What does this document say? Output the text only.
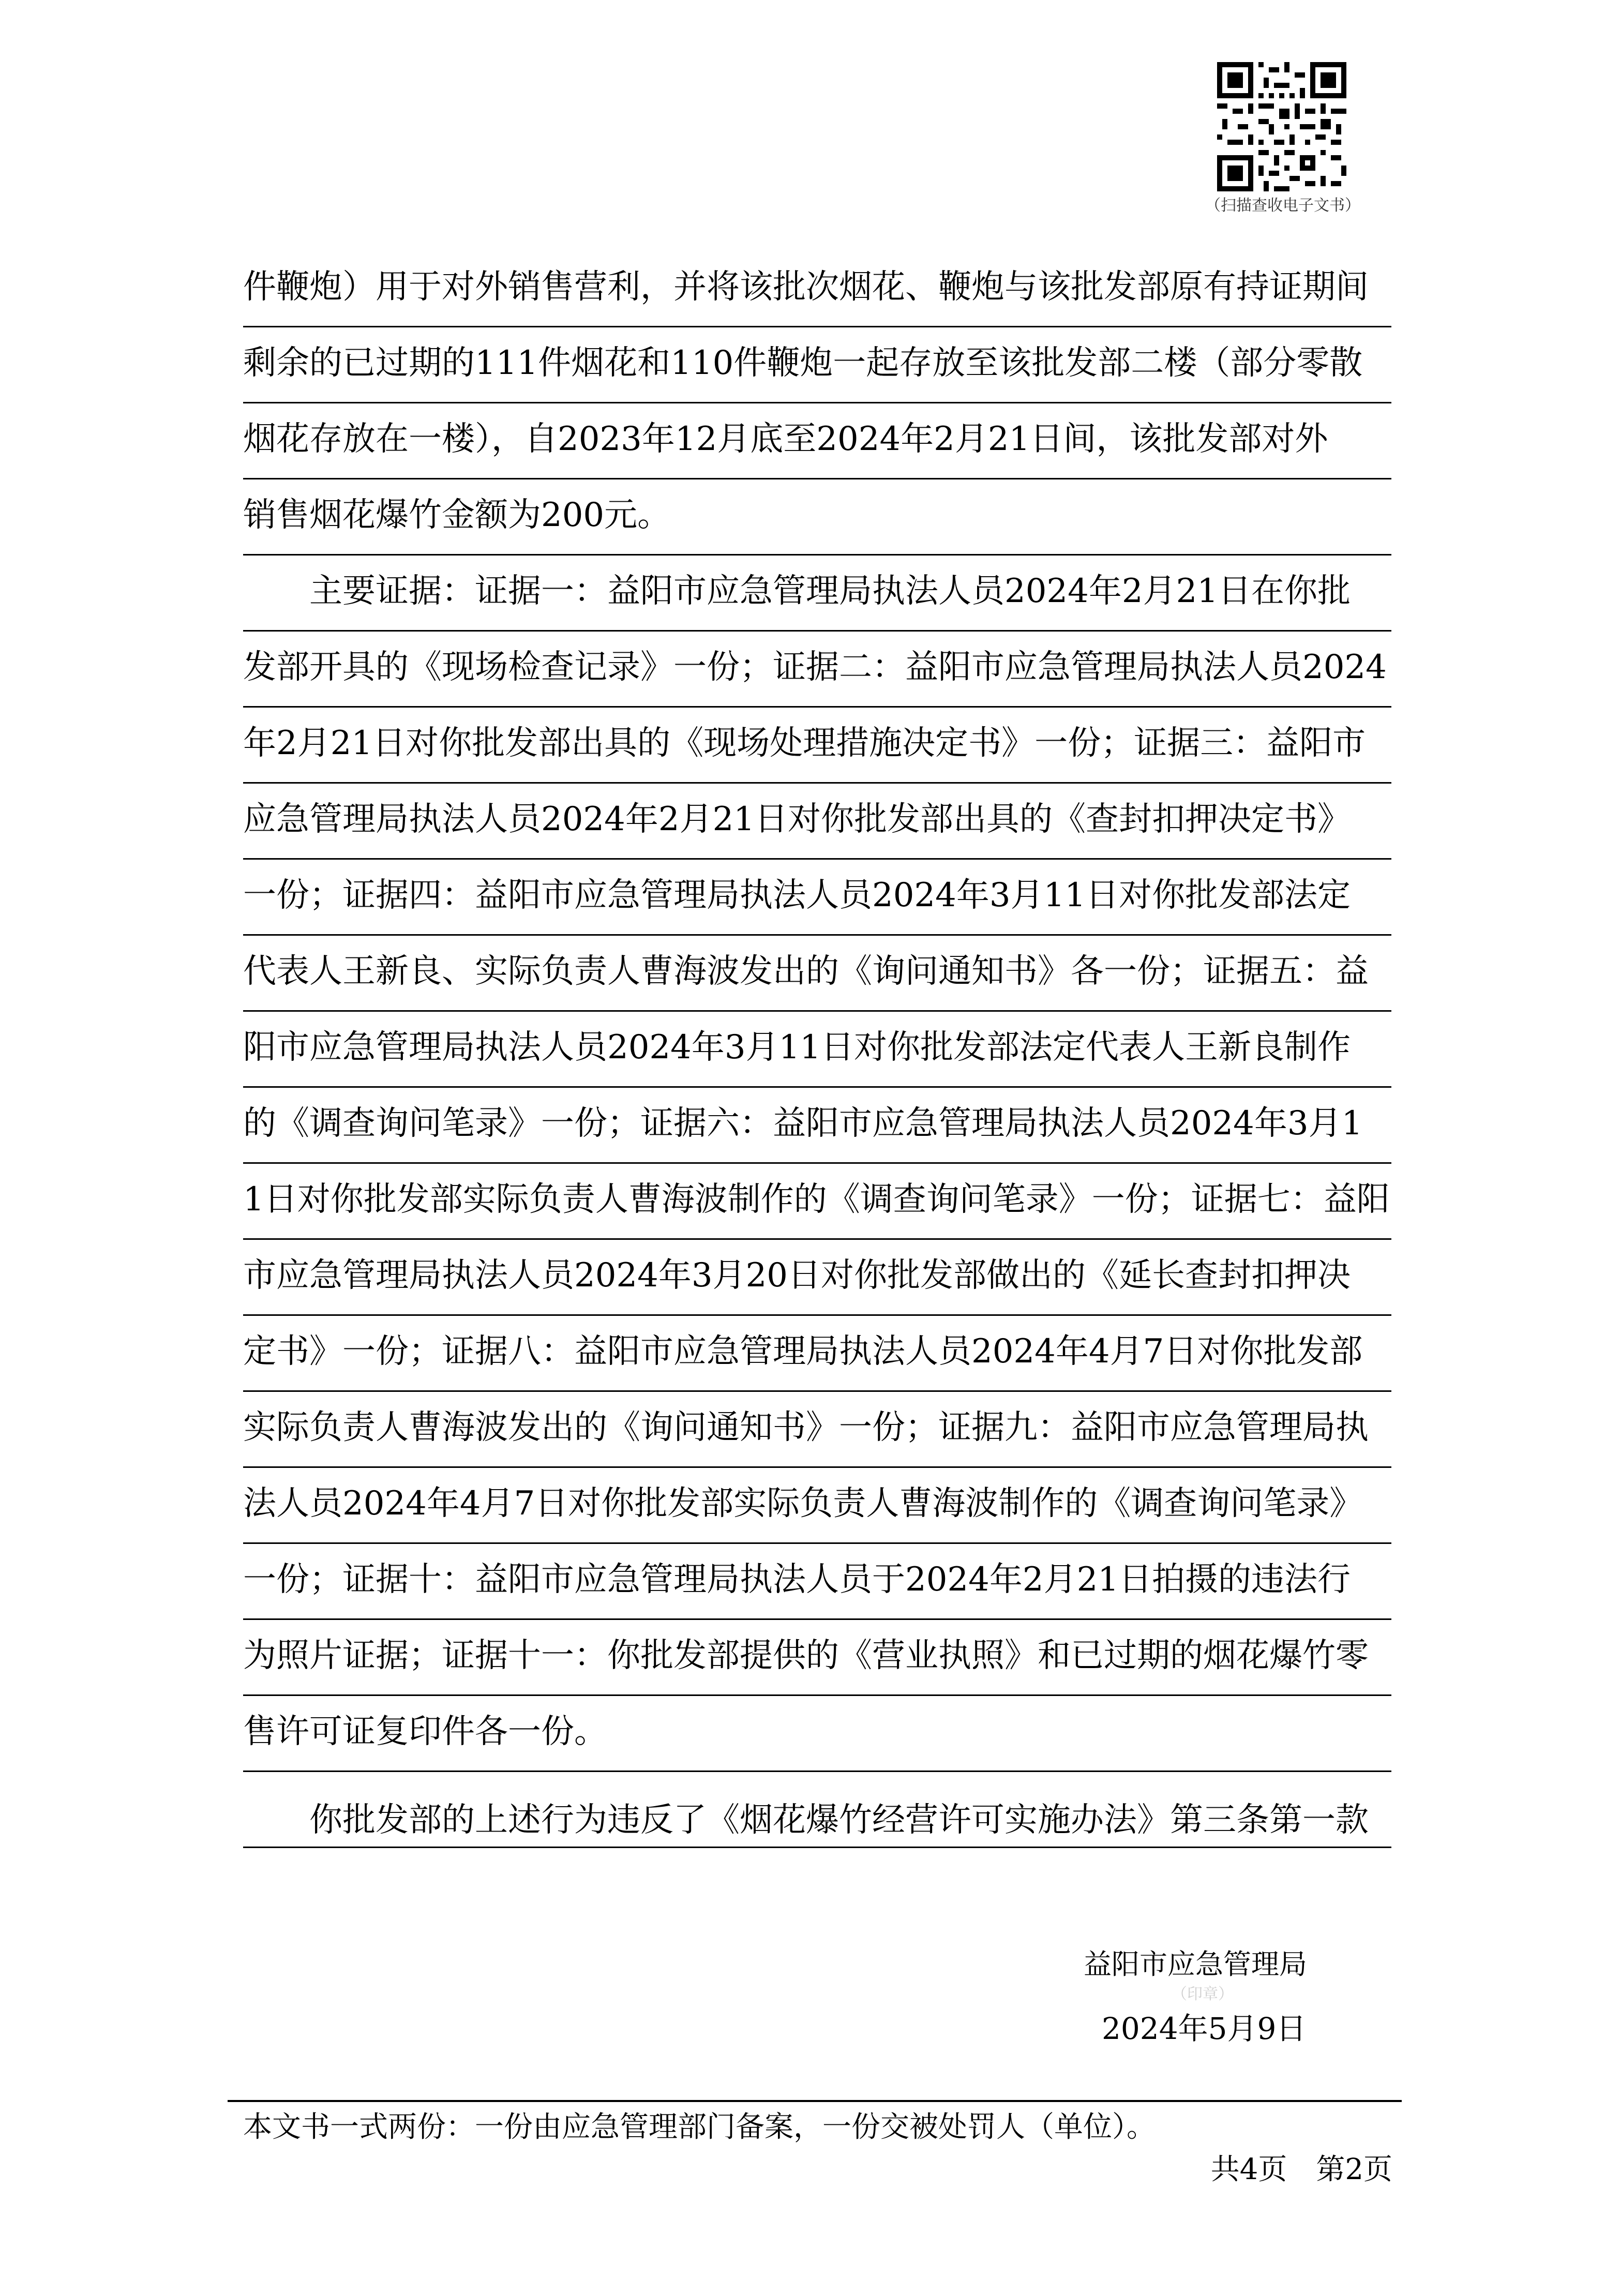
（扫描查收电子文书）
件鞭炮）用于对外销售营利，并将该批次烟花、鞭炮与该批发部原有持证期间
剩余的已过期的111件烟花和110件鞭炮一起存放至该批发部二楼（部分零散
烟花存放在一楼），自2023年12月底至2024年2月21日间，该批发部对外
销售烟花爆竹金额为200元。
　　主要证据：证据一：益阳市应急管理局执法人员2024年2月21日在你批
发部开具的《现场检查记录》一份；证据二：益阳市应急管理局执法人员2024
年2月21日对你批发部出具的《现场处理措施决定书》一份；证据三：益阳市
应急管理局执法人员2024年2月21日对你批发部出具的《查封扣押决定书》
一份；证据四：益阳市应急管理局执法人员2024年3月11日对你批发部法定
代表人王新良、实际负责人曹海波发出的《询问通知书》各一份；证据五：益
阳市应急管理局执法人员2024年3月11日对你批发部法定代表人王新良制作
的《调查询问笔录》一份；证据六：益阳市应急管理局执法人员2024年3月1
1日对你批发部实际负责人曹海波制作的《调查询问笔录》一份；证据七：益阳
市应急管理局执法人员2024年3月20日对你批发部做出的《延长查封扣押决
定书》一份；证据八：益阳市应急管理局执法人员2024年4月7日对你批发部
实际负责人曹海波发出的《询问通知书》一份；证据九：益阳市应急管理局执
法人员2024年4月7日对你批发部实际负责人曹海波制作的《调查询问笔录》
一份；证据十：益阳市应急管理局执法人员于2024年2月21日拍摄的违法行
为照片证据；证据十一：你批发部提供的《营业执照》和已过期的烟花爆竹零
售许可证复印件各一份。
　　你批发部的上述行为违反了《烟花爆竹经营许可实施办法》第三条第一款
益阳市应急管理局
（印章）
2024年5月9日
本文书一式两份：一份由应急管理部门备案，一份交被处罚人（单位）。
共4页　第2页
